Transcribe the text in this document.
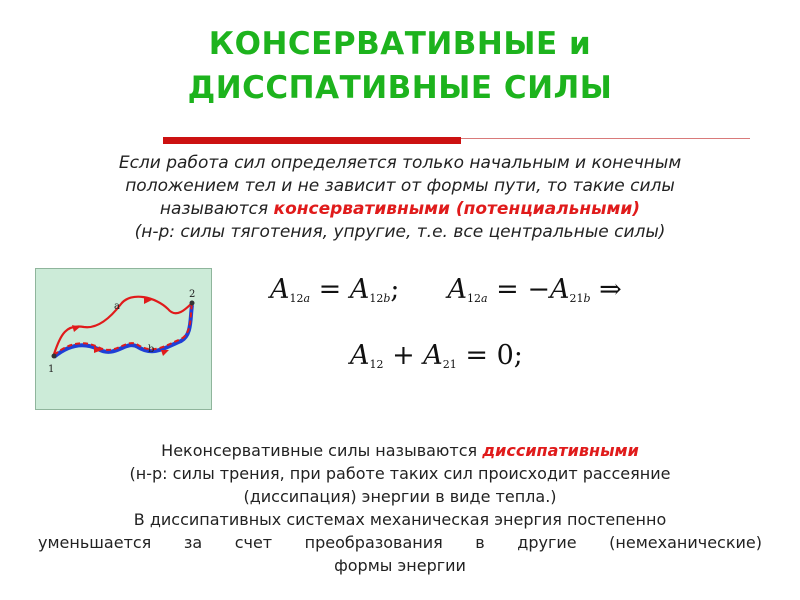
КОНСЕРВАТИВНЫЕ и
ДИССПАТИВНЫЕ СИЛЫ
Если работа сил определяется только начальным и конечным
положением тел и не зависит от формы пути, то такие силы
называются консервативными (потенциальными)
(н-р: силы тяготения, упругие, т.е. все центральные силы)
a
b
1
2	$A_{12a} = A_{12b}$; $A_{12a} = -A_{21b}$ ⇒
$A_{12} + A_{21} = 0$;
Неконсервативные силы называются диссипативными
(н-р: силы трения, при работе таких сил происходит рассеяние
(диссипация) энергии в виде тепла.)
В диссипативных системах механическая энергия постепенно
уменьшается за счет преобразования в другие (немеханические)
формы энергии
